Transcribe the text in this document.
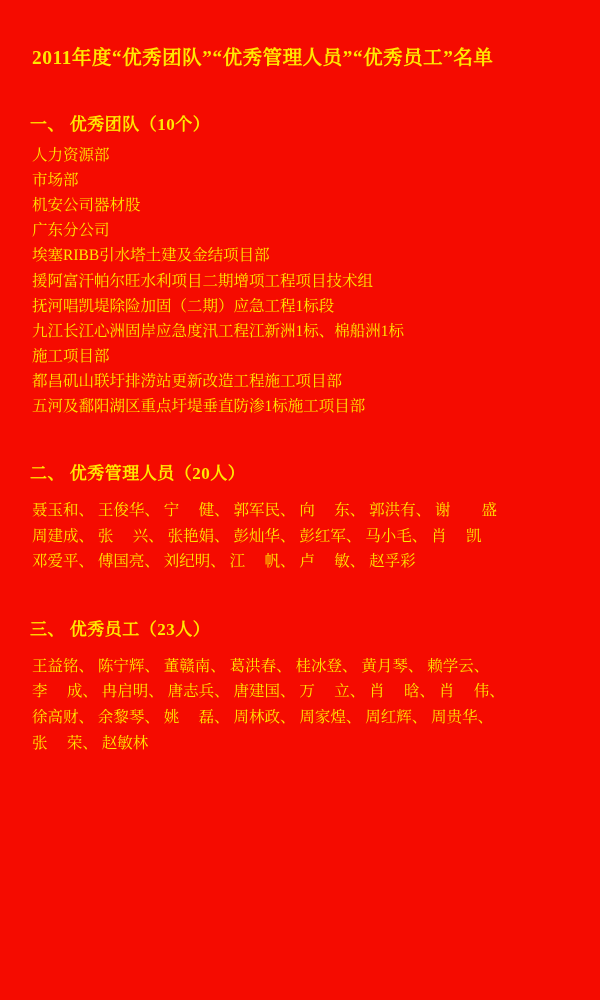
2011年度“优秀团队”“优秀管理人员”“优秀员工”名单
一、 优秀团队（10个）
人力资源部
市场部
机安公司器材股
广东分公司
埃塞RIBB引水塔土建及金结项目部
援阿富汗帕尔旺水利项目二期增项工程项目技术组
抚河唱凯堤除险加固（二期）应急工程1标段
九江长江心洲固岸应急度汛工程江新洲1标、棉船洲1标
施工项目部
都昌矶山联圩排涝站更新改造工程施工项目部
五河及鄱阳湖区重点圩堤垂直防渗1标施工项目部
二、 优秀管理人员（20人）
聂玉和、 王俊华、 宁　 健、 郭军民、 向　 东、 郭洪有、 谢　　盛
周建成、 张　 兴、 张艳娟、 彭灿华、 彭红军、 马小毛、 肖　 凯
邓爱平、 傅国亮、 刘纪明、 江　 帆、 卢　 敏、 赵孚彩
三、 优秀员工（23人）
王益铭、 陈宁辉、 董赣南、 葛洪春、 桂冰登、 黄月琴、 赖学云、
李　 成、 冉启明、 唐志兵、 唐建国、 万　 立、 肖　 晗、 肖　 伟、
徐高财、 余黎琴、 姚　 磊、 周林政、 周家煌、 周红辉、 周贵华、
张　 荣、 赵敏林
